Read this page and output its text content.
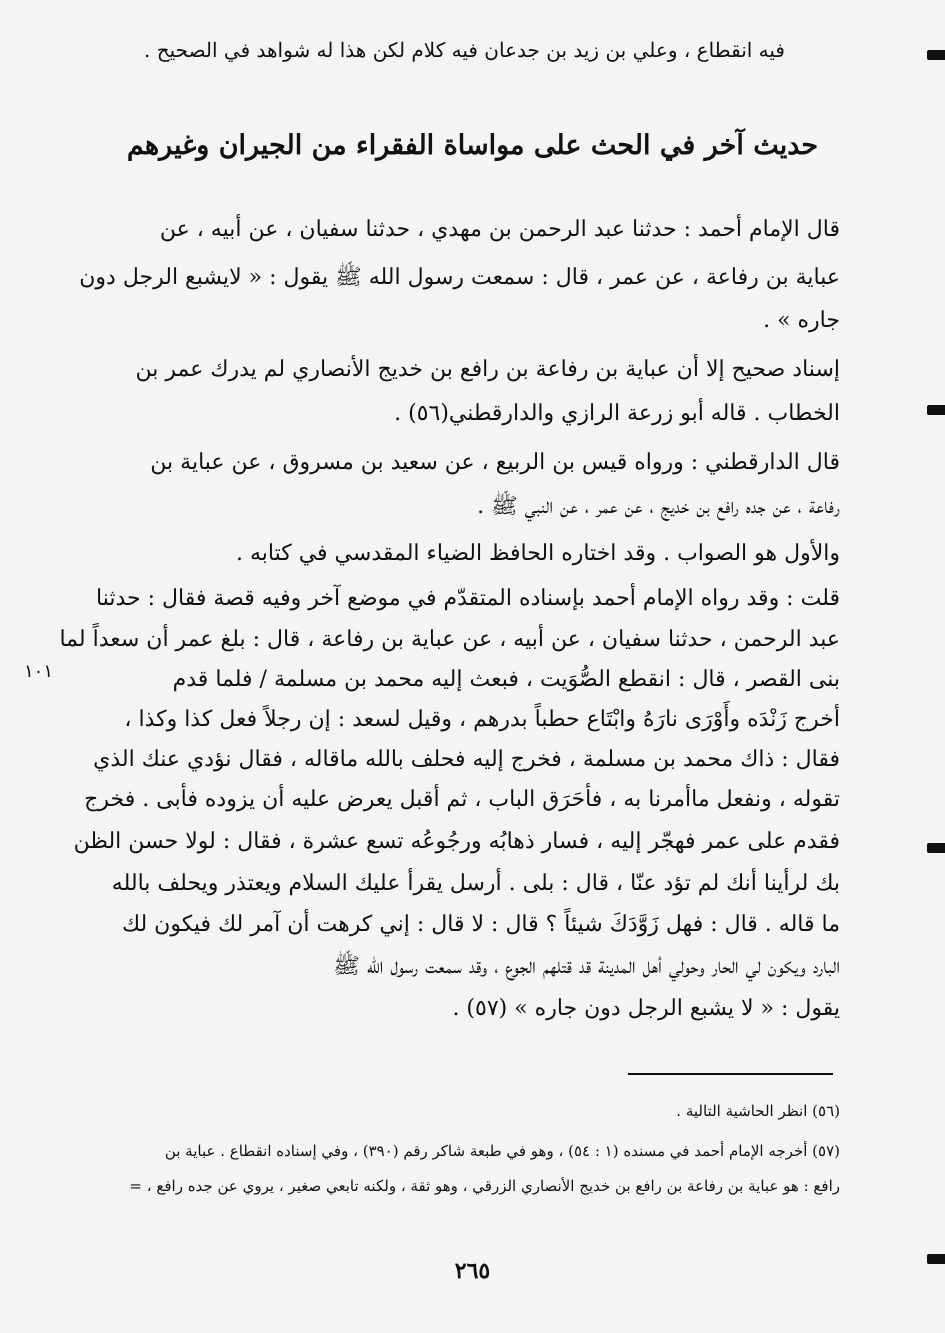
فيه انقطاع ، وعلي بن زيد بن جدعان فيه كلام لكن هذا له شواهد في الصحيح .
حديث آخر في الحث على مواساة الفقراء من الجيران وغيرهم
قال الإمام أحمد : حدثنا عبد الرحمن بن مهدي ، حدثنا سفيان ، عن أبيه ، عن
عباية بن رفاعة ، عن عمر ، قال : سمعت رسول الله ﷺ يقول : « لايشبع الرجل دون
جاره » .
إسناد صحيح إلا أن عباية بن رفاعة بن رافع بن خديج الأنصاري لم يدرك عمر بن
الخطاب . قاله أبو زرعة الرازي والدارقطني(٥٦) .
قال الدارقطني : ورواه قيس بن الربيع ، عن سعيد بن مسروق ، عن عباية بن
رفاعة ، عن جده رافع بن خديج ، عن عمر ، عن النبي ﷺ .
والأول هو الصواب . وقد اختاره الحافظ الضياء المقدسي في كتابه .
قلت : وقد رواه الإمام أحمد بإسناده المتقدّم في موضع آخر وفيه قصة فقال : حدثنا
عبد الرحمن ، حدثنا سفيان ، عن أبيه ، عن عباية بن رفاعة ، قال : بلغ عمر أن سعداً لما
بنى القصر ، قال : انقطع الصُّوَيت ، فبعث إليه محمد بن مسلمة / فلما قدم
أخرج زَنْدَه وأَوْرَى نارَهُ وابْتَاع حطباً بدرهم ، وقيل لسعد : إن رجلاً فعل كذا وكذا ،
فقال : ذاك محمد بن مسلمة ، فخرج إليه فحلف بالله ماقاله ، فقال نؤدي عنك الذي
تقوله ، ونفعل ماأمرنا به ، فأحَرَق الباب ، ثم أقبل يعرض عليه أن يزوده فأبى . فخرج
فقدم على عمر فهجّر إليه ، فسار ذهابُه ورجُوعُه تسع عشرة ، فقال : لولا حسن الظن
بك لرأينا أنك لم تؤد عنّا ، قال : بلى . أرسل يقرأ عليك السلام ويعتذر ويحلف بالله
ما قاله . قال : فهل زَوَّدَكَ شيئاً ؟ قال : لا قال : إني كرهت أن آمر لك فيكون لك
البارد ويكون لي الحار وحولي أهل المدينة قد قتلهم الجوع ، وقد سمعت رسول الله ﷺ
يقول : « لا يشبع الرجل دون جاره » (٥٧) .
١٠١
(٥٦) انظر الحاشية التالية .
(٥٧) أخرجه الإمام أحمد في مسنده (١ : ٥٤) ، وهو في طبعة شاكر رقم (٣٩٠) ، وفي إسناده انقطاع . عباية بن
رافع : هو عباية بن رفاعة بن رافع بن خديج الأنصاري الزرقي ، وهو ثقة ، ولكنه تابعي صغير ، يروي عن جده رافع ، =
٢٦٥
